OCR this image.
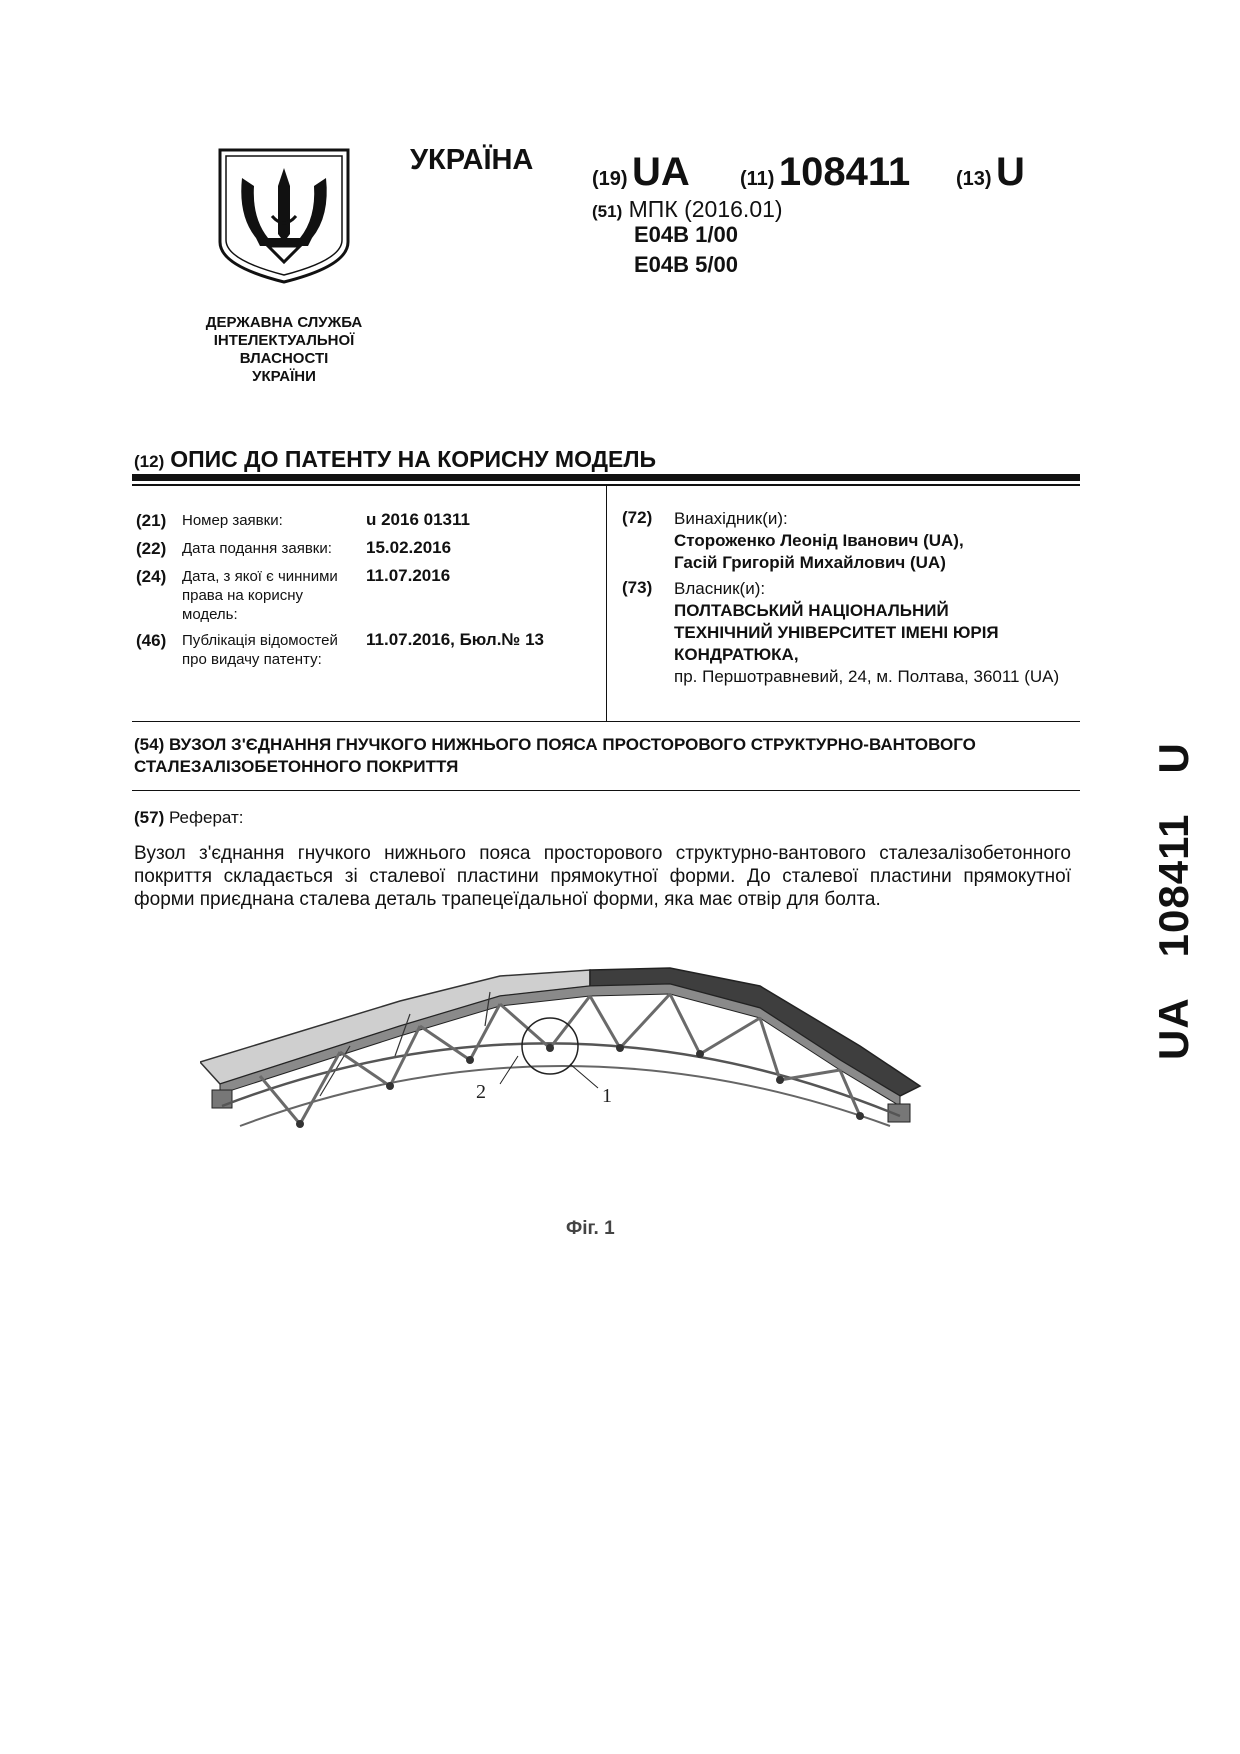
ДЕРЖАВНА СЛУЖБА
ІНТЕЛЕКТУАЛЬНОЇ
ВЛАСНОСТІ
УКРАЇНИ
УКРАЇНА
(19) UA	(11) 108411 (13) U
(51) МПК (2016.01)
E04B 1/00
E04B 5/00
(12) ОПИС ДО ПАТЕНТУ НА КОРИСНУ МОДЕЛЬ
(21) Номер заявки:	u 2016 01311
(22) Дата подання заявки:	15.02.2016
(24) Дата, з якої є чинними права на корисну модель:
11.07.2016
(46) Публікація відомостей про видачу патенту:
11.07.2016, Бюл.№ 13
(72) Винахідник(и):
Стороженко Леонід Іванович (UA),
Гасій Григорій Михайлович (UA)
(73) Власник(и):
ПОЛТАВСЬКИЙ НАЦІОНАЛЬНИЙ
ТЕХНІЧНИЙ УНІВЕРСИТЕТ ІМЕНІ ЮРІЯ
КОНДРАТЮКА,
пр. Першотравневий, 24, м. Полтава, 36011 (UA)
(54) ВУЗОЛ З'ЄДНАННЯ ГНУЧКОГО НИЖНЬОГО ПОЯСА ПРОСТОРОВОГО СТРУКТУРНО-ВАНТОВОГО СТАЛЕЗАЛІЗОБЕТОННОГО ПОКРИТТЯ
(57) Реферат:
Вузол з'єднання гнучкого нижнього пояса просторового структурно-вантового сталезалізобетонного покриття складається зі сталевої пластини прямокутної форми. До сталевої пластини прямокутної форми приєднана сталева деталь трапецеїдальної форми, яка має отвір для болта.
2	1
Фіг. 1
UA108411U
